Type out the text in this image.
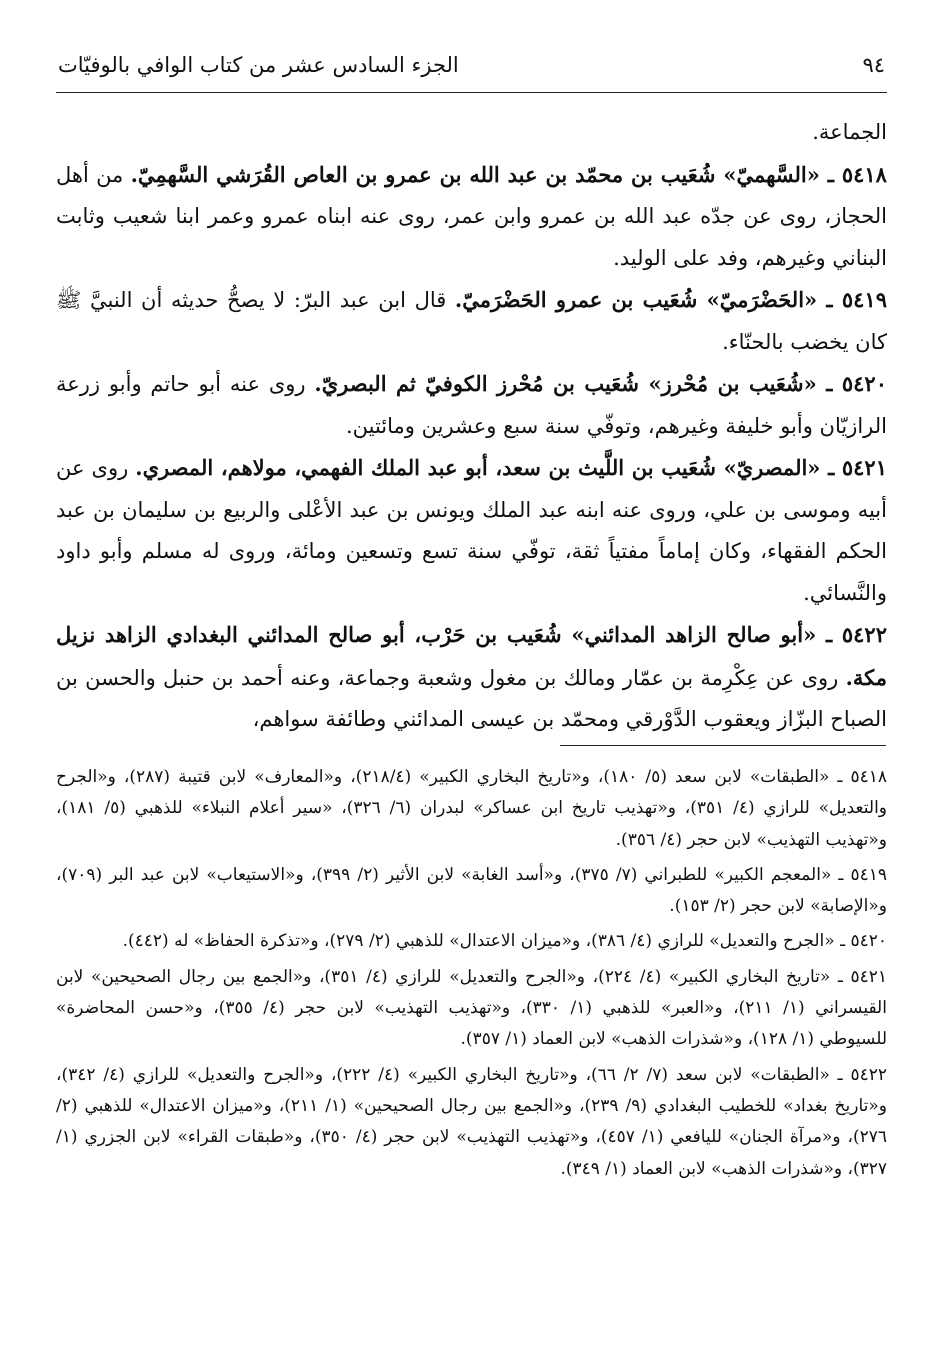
٩٤
الجزء السادس عشر من كتاب الوافي بالوفيّات

الجماعة.

٥٤١٨ ـ «السَّهميّ» شُعَيب بن محمّد بن عبد الله بن عمرو بن العاص القُرَشي السَّهمِيّ. من أهل الحجاز، روى عن جدّه عبد الله بن عمرو وابن عمر، روى عنه ابناه عمرو وعمر ابنا شعيب وثابت البناني وغيرهم، وفد على الوليد.

٥٤١٩ ـ «الحَضْرَميّ» شُعَيب بن عمرو الحَضْرَميّ. قال ابن عبد البرّ: لا يصحُّ حديثه أن النبيَّ ﷺ كان يخضب بالحنّاء.

٥٤٢٠ ـ «شُعَيب بن مُحْرز» شُعَيب بن مُحْرز الكوفيّ ثم البصريّ. روى عنه أبو حاتم وأبو زرعة الرازيّان وأبو خليفة وغيرهم، وتوفّي سنة سبع وعشرين ومائتين.

٥٤٢١ ـ «المصريّ» شُعَيب بن اللَّيث بن سعد، أبو عبد الملك الفهمي، مولاهم، المصري. روى عن أبيه وموسى بن علي، وروى عنه ابنه عبد الملك ويونس بن عبد الأعْلى والربيع بن سليمان بن عبد الحكم الفقهاء، وكان إماماً مفتياً ثقة، توفّي سنة تسع وتسعين ومائة، وروى له مسلم وأبو داود والنَّسائي.

٥٤٢٢ ـ «أبو صالح الزاهد المدائني» شُعَيب بن حَرْب، أبو صالح المدائني البغدادي الزاهد نزيل مكة. روى عن عِكْرِمة بن عمّار ومالك بن مغول وشعبة وجماعة، وعنه أحمد بن حنبل والحسن بن الصباح البزّاز ويعقوب الدَّوْرقي ومحمّد بن عيسى المدائني وطائفة سواهم،

٥٤١٨ ـ «الطبقات» لابن سعد (٥/ ١٨٠)، و«تاريخ البخاري الكبير» (٢١٨/٤)، و«المعارف» لابن قتيبة (٢٨٧)، و«الجرح والتعديل» للرازي (٤/ ٣٥١)، و«تهذيب تاريخ ابن عساكر» لبدران (٦/ ٣٢٦)، «سير أعلام النبلاء» للذهبي (٥/ ١٨١)، و«تهذيب التهذيب» لابن حجر (٤/ ٣٥٦).

٥٤١٩ ـ «المعجم الكبير» للطبراني (٧/ ٣٧٥)، و«أسد الغابة» لابن الأثير (٢/ ٣٩٩)، و«الاستيعاب» لابن عبد البر (٧٠٩)، و«الإصابة» لابن حجر (٢/ ١٥٣).

٥٤٢٠ ـ «الجرح والتعديل» للرازي (٤/ ٣٨٦)، و«ميزان الاعتدال» للذهبي (٢/ ٢٧٩)، و«تذكرة الحفاظ» له (٤٤٢).

٥٤٢١ ـ «تاريخ البخاري الكبير» (٤/ ٢٢٤)، و«الجرح والتعديل» للرازي (٤/ ٣٥١)، و«الجمع بين رجال الصحيحين» لابن القيسراني (١/ ٢١١)، و«العبر» للذهبي (١/ ٣٣٠)، و«تهذيب التهذيب» لابن حجر (٤/ ٣٥٥)، و«حسن المحاضرة» للسيوطي (١/ ١٢٨)، و«شذرات الذهب» لابن العماد (١/ ٣٥٧).

٥٤٢٢ ـ «الطبقات» لابن سعد (٧/ ٢/ ٦٦)، و«تاريخ البخاري الكبير» (٤/ ٢٢٢)، و«الجرح والتعديل» للرازي (٤/ ٣٤٢)، و«تاريخ بغداد» للخطيب البغدادي (٩/ ٢٣٩)، و«الجمع بين رجال الصحيحين» (١/ ٢١١)، و«ميزان الاعتدال» للذهبي (٢/ ٢٧٦)، و«مرآة الجنان» لليافعي (١/ ٤٥٧)، و«تهذيب التهذيب» لابن حجر (٤/ ٣٥٠)، و«طبقات القراء» لابن الجزري (١/ ٣٢٧)، و«شذرات الذهب» لابن العماد (١/ ٣٤٩).
